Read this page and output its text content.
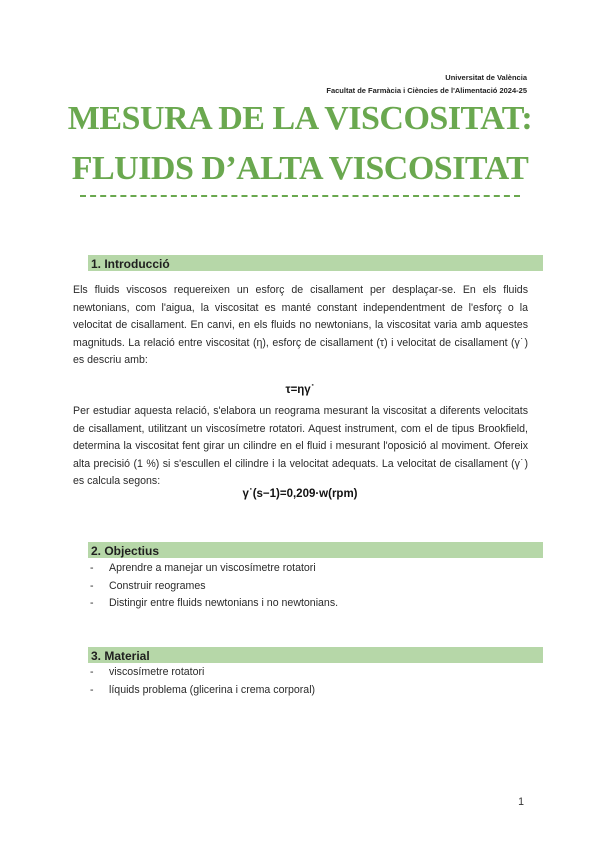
Universitat de València
Facultat de Farmàcia i Ciències de l'Alimentació 2024-25
MESURA DE LA VISCOSITAT:
FLUIDS D’ALTA VISCOSITAT
1. Introducció

Els fluids viscosos requereixen un esforç de cisallament per desplaçar-se. En els fluids newtonians, com l'aigua, la viscositat es manté constant independentment de l'esforç o la velocitat de cisallament. En canvi, en els fluids no newtonians, la viscositat varia amb aquestes magnituds. La relació entre viscositat (η), esforç de cisallament (τ) i velocitat de cisallament (γ˙) es descriu amb:

τ=ηγ˙

Per estudiar aquesta relació, s'elabora un reograma mesurant la viscositat a diferents velocitats de cisallament, utilitzant un viscosímetre rotatori. Aquest instrument, com el de tipus Brookfield, determina la viscositat fent girar un cilindre en el fluid i mesurant l'oposició al moviment. Ofereix alta precisió (1 %) si s'escullen el cilindre i la velocitat adequats. La velocitat de cisallament (γ˙) es calcula segons:

γ˙(s−1)=0,209·w(rpm)
2. Objectius
- Aprendre a manejar un viscosímetre rotatori
- Construir reogrames
- Distingir entre fluids newtonians i no newtonians.
3. Material
- viscosímetre rotatori
- líquids problema (glicerina i crema corporal)
1
